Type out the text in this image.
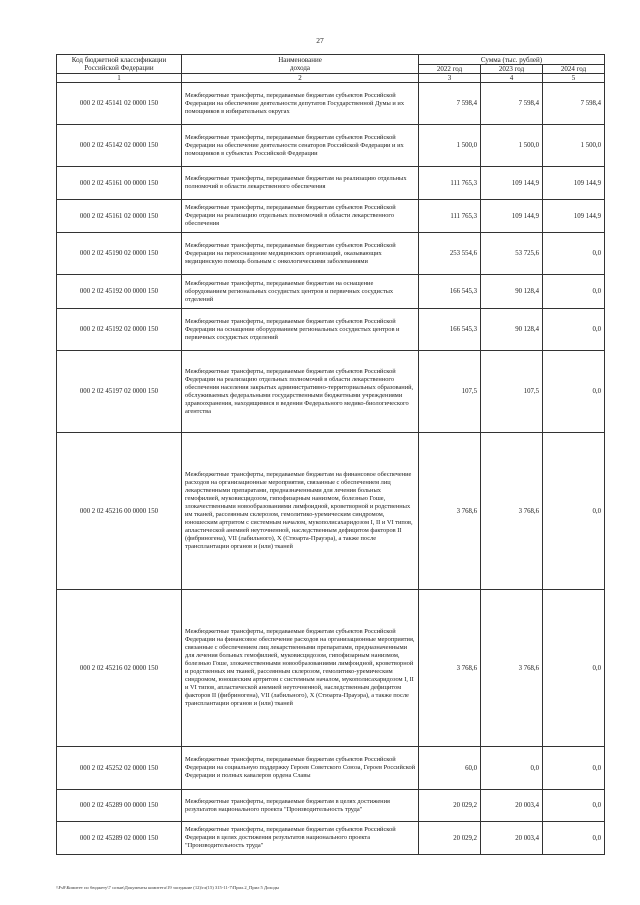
27
Код бюджетной классификации Российской Федерации	Наименование
дохода	Сумма (тыс. рублей)		
		2022 год	2023 год	2024 год
1	2	3	4	5
000 2 02 45141 02 0000 150	Межбюджетные трансферты, передаваемые бюджетам субъектов Российской Федерации на обеспечение деятельности депутатов Государственной Думы и их помощников в избирательных округах	7 598,4	7 598,4	7 598,4
000 2 02 45142 02 0000 150	Межбюджетные трансферты, передаваемые бюджетам субъектов Российской Федерации на обеспечение деятельности сенаторов Российской Федерации и их помощников в субъектах Российской Федерации	1 500,0	1 500,0	1 500,0
000 2 02 45161 00 0000 150	Межбюджетные трансферты, передаваемые бюджетам на реализацию отдельных полномочий в области лекарственного обеспечения	111 765,3	109 144,9	109 144,9
000 2 02 45161 02 0000 150	Межбюджетные трансферты, передаваемые бюджетам субъектов Российской Федерации на реализацию отдельных полномочий в области лекарственного обеспечения	111 765,3	109 144,9	109 144,9
000 2 02 45190 02 0000 150	Межбюджетные трансферты, передаваемые бюджетам субъектов Российской Федерации на переоснащение медицинских организаций, оказывающих медицинскую помощь больным с онкологическими заболеваниями	253 554,6	53 725,6	0,0
000 2 02 45192 00 0000 150	Межбюджетные трансферты, передаваемые бюджетам на оснащение оборудованием региональных сосудистых центров и первичных сосудистых отделений	166 545,3	90 128,4	0,0
000 2 02 45192 02 0000 150	Межбюджетные трансферты, передаваемые бюджетам субъектов Российской Федерации на оснащение оборудованием региональных сосудистых центров и первичных сосудистых отделений	166 545,3	90 128,4	0,0
000 2 02 45197 02 0000 150	Межбюджетные трансферты, передаваемые бюджетам субъектов Российской Федерации на реализацию отдельных полномочий в области лекарственного обеспечения населения закрытых административно-территориальных образований, обслуживаемых федеральными государственными бюджетными учреждениями здравоохранения, находящимися в ведении Федерального медико-биологического агентства	107,5	107,5	0,0
000 2 02 45216 00 0000 150	Межбюджетные трансферты, передаваемые бюджетам на финансовое обеспечение расходов на организационные мероприятия, связанные с обеспечением лиц лекарственными препаратами, предназначенными для лечения больных гемофилией, муковисцидозом, гипофизарным нанизмом, болезнью Гоше, злокачественными новообразованиями лимфоидной, кроветворной и родственных им тканей, рассеянным склерозом, гемолитико-уремическим синдромом, юношеским артритом с системным началом, мукополисахаридозом I, II и VI типов, апластической анемией неуточненной, наследственным дефицитом факторов II (фибриногена), VII (лабильного), X (Стюарта-Прауэра), а также после трансплантации органов и (или) тканей	3 768,6	3 768,6	0,0
000 2 02 45216 02 0000 150	Межбюджетные трансферты, передаваемые бюджетам субъектов Российской Федерации на финансовое обеспечение расходов на организационные мероприятия, связанные с обеспечением лиц лекарственными препаратами, предназначенными для лечения больных гемофилией, муковисцидозом, гипофизарным нанизмом, болезнью Гоше, злокачественными новообразованиями лимфоидной, кроветворной и родственных им тканей, рассеянным склерозом, гемолитико-уремическим синдромом, юношеским артритом с системным началом, мукополисахаридозом I, II и VI типов, апластической анемией неуточненной, наследственным дефицитом факторов II (фибриногена), VII (лабильного), X (Стюарта-Прауэра), а также после трансплантации органов и (или) тканей	3 768,6	3 768,6	0,0
000 2 02 45252 02 0000 150	Межбюджетные трансферты, передаваемые бюджетам субъектов Российской Федерации на социальную поддержку Героев Советского Союза, Героев Российской Федерации и полных кавалеров ордена Славы	60,0	0,0	0,0
000 2 02 45289 00 0000 150	Межбюджетные трансферты, передаваемые бюджетам в целях достижения результатов национального проекта "Производительность труда"	20 029,2	20 003,4	0,0
000 2 02 45289 02 0000 150	Межбюджетные трансферты, передаваемые бюджетам субъектов Российской Федерации в целях достижения результатов национального проекта "Производительность труда"	20 029,2	20 003,4	0,0
\\Fs8\Комитет по бюджету\7 созыв\Документы комитета\19 заседание (12)\гл(15) 315-11-7\Прил.2_Прил 5 Доходы
